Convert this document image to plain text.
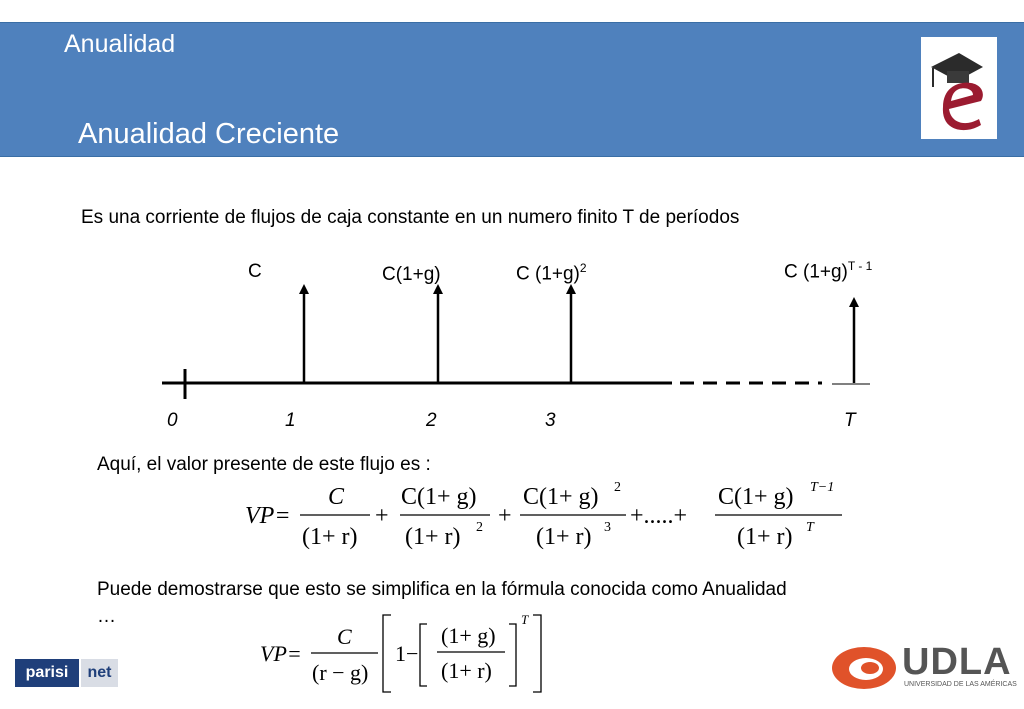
Anualidad
Anualidad Creciente
Es una corriente de flujos de caja constante en un numero finito T de períodos
C	C(1+g)	C $(1+g)^2$	C $(1+g)^{T - 1}$
0	1	2	3	T
Aquí, el valor presente de este flujo es :
VP=
C
(1+ r)
+
C(1+ g)
(1+ r) 2 +
C(1+ g) 2
(1+ r) 3 +.....+
C(1+ g) T−1
(1+ r) T
Puede demostrarse que esto se simplifica en la fórmula conocida como Anualidad
…
VP=
C
(r − g)
1−
(1+ g)
(1+ r)
T
parisi	net	UDLA
UNIVERSIDAD DE LAS AMÉRICAS
